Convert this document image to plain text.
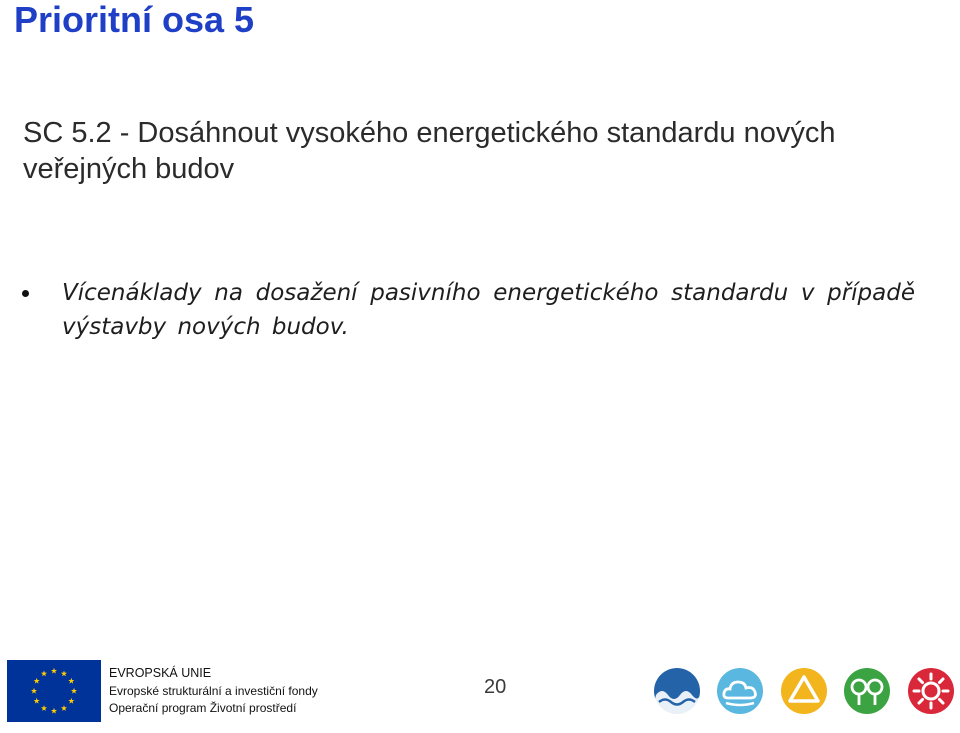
Prioritní osa 5

SC 5.2 - Dosáhnout vysokého energetického standardu nových veřejných budov

Vícenáklady na dosažení pasivního energetického standardu v případě výstavby nových budov.
EVROPSKÁ UNIE
Evropské strukturální a investiční fondy
Operační program Životní prostředí
20
